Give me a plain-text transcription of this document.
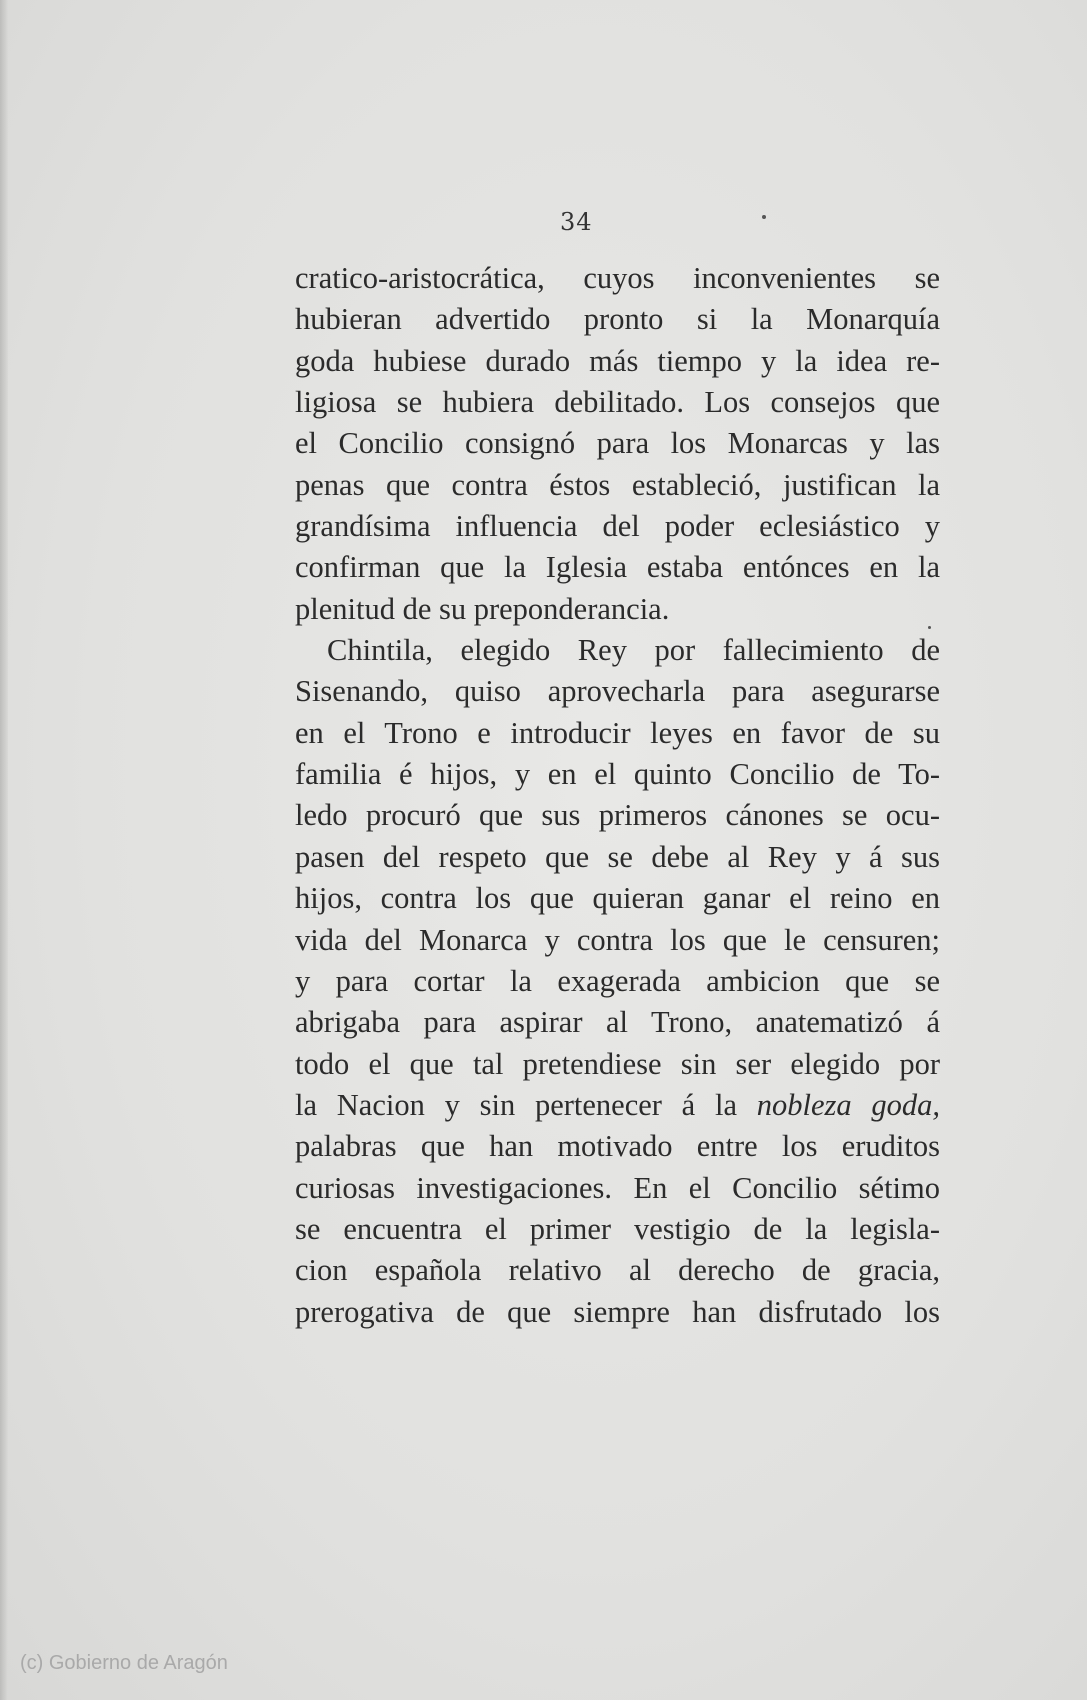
34
cratico-aristocrática, cuyos inconvenientes se
hubieran advertido pronto si la Monarquía
goda hubiese durado más tiempo y la idea re-
ligiosa se hubiera debilitado. Los consejos que
el Concilio consignó para los Monarcas y las
penas que contra éstos estableció, justifican la
grandísima influencia del poder eclesiástico y
confirman que la Iglesia estaba entónces en la
plenitud de su preponderancia.
Chintila, elegido Rey por fallecimiento de
Sisenando, quiso aprovecharla para asegurarse
en el Trono e introducir leyes en favor de su
familia é hijos, y en el quinto Concilio de To-
ledo procuró que sus primeros cánones se ocu-
pasen del respeto que se debe al Rey y á sus
hijos, contra los que quieran ganar el reino en
vida del Monarca y contra los que le censuren;
y para cortar la exagerada ambicion que se
abrigaba para aspirar al Trono, anatematizó á
todo el que tal pretendiese sin ser elegido por
la Nacion y sin pertenecer á la nobleza goda,
palabras que han motivado entre los eruditos
curiosas investigaciones. En el Concilio sétimo
se encuentra el primer vestigio de la legisla-
cion española relativo al derecho de gracia,
prerogativa de que siempre han disfrutado los
(c) Gobierno de Aragón
